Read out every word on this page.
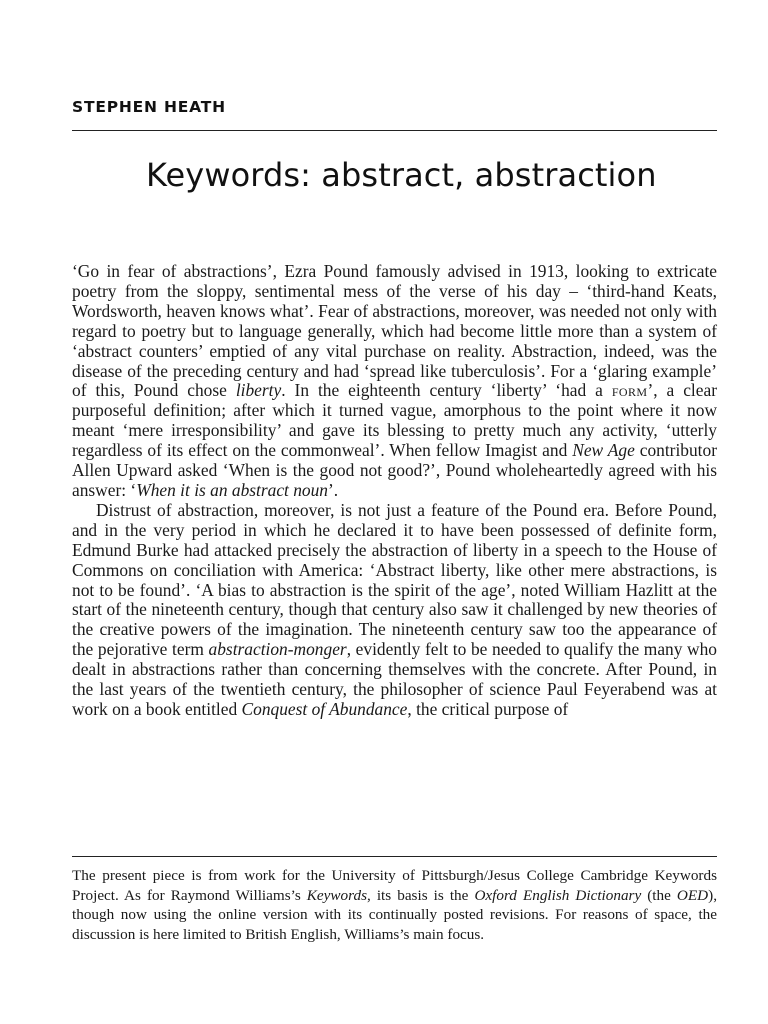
STEPHEN HEATH
Keywords: abstract, abstraction

‘Go in fear of abstractions’, Ezra Pound famously advised in 1913, looking to extricate poetry from the sloppy, sentimental mess of the verse of his day – ‘third-hand Keats, Wordsworth, heaven knows what’. Fear of abstractions, moreover, was needed not only with regard to poetry but to language generally, which had become little more than a system of ‘abstract counters’ emptied of any vital purchase on reality. Abstraction, indeed, was the disease of the preceding century and had ‘spread like tuberculosis’. For a ‘glaring example’ of this, Pound chose liberty. In the eighteenth century ‘liberty’ ‘had a form’, a clear purposeful definition; after which it turned vague, amorphous to the point where it now meant ‘mere irresponsibility’ and gave its blessing to pretty much any activity, ‘utterly regardless of its effect on the commonweal’. When fellow Imagist and New Age contributor Allen Upward asked ‘When is the good not good?’, Pound wholeheartedly agreed with his answer: ‘When it is an abstract noun’.

Distrust of abstraction, moreover, is not just a feature of the Pound era. Before Pound, and in the very period in which he declared it to have been possessed of definite form, Edmund Burke had attacked precisely the abstraction of liberty in a speech to the House of Commons on conciliation with America: ‘Abstract liberty, like other mere abstractions, is not to be found’. ‘A bias to abstraction is the spirit of the age’, noted William Hazlitt at the start of the nineteenth century, though that century also saw it challenged by new theories of the creative powers of the imagination. The nineteenth century saw too the appearance of the pejorative term abstraction-monger, evidently felt to be needed to qualify the many who dealt in abstractions rather than concerning themselves with the concrete. After Pound, in the last years of the twentieth century, the philosopher of science Paul Feyerabend was at work on a book entitled Conquest of Abundance, the critical purpose of

The present piece is from work for the University of Pittsburgh/Jesus College Cambridge Keywords Project. As for Raymond Williams’s Keywords, its basis is the Oxford English Dictionary (the OED), though now using the online version with its continually posted revisions. For reasons of space, the discussion is here limited to British English, Williams’s main focus.
